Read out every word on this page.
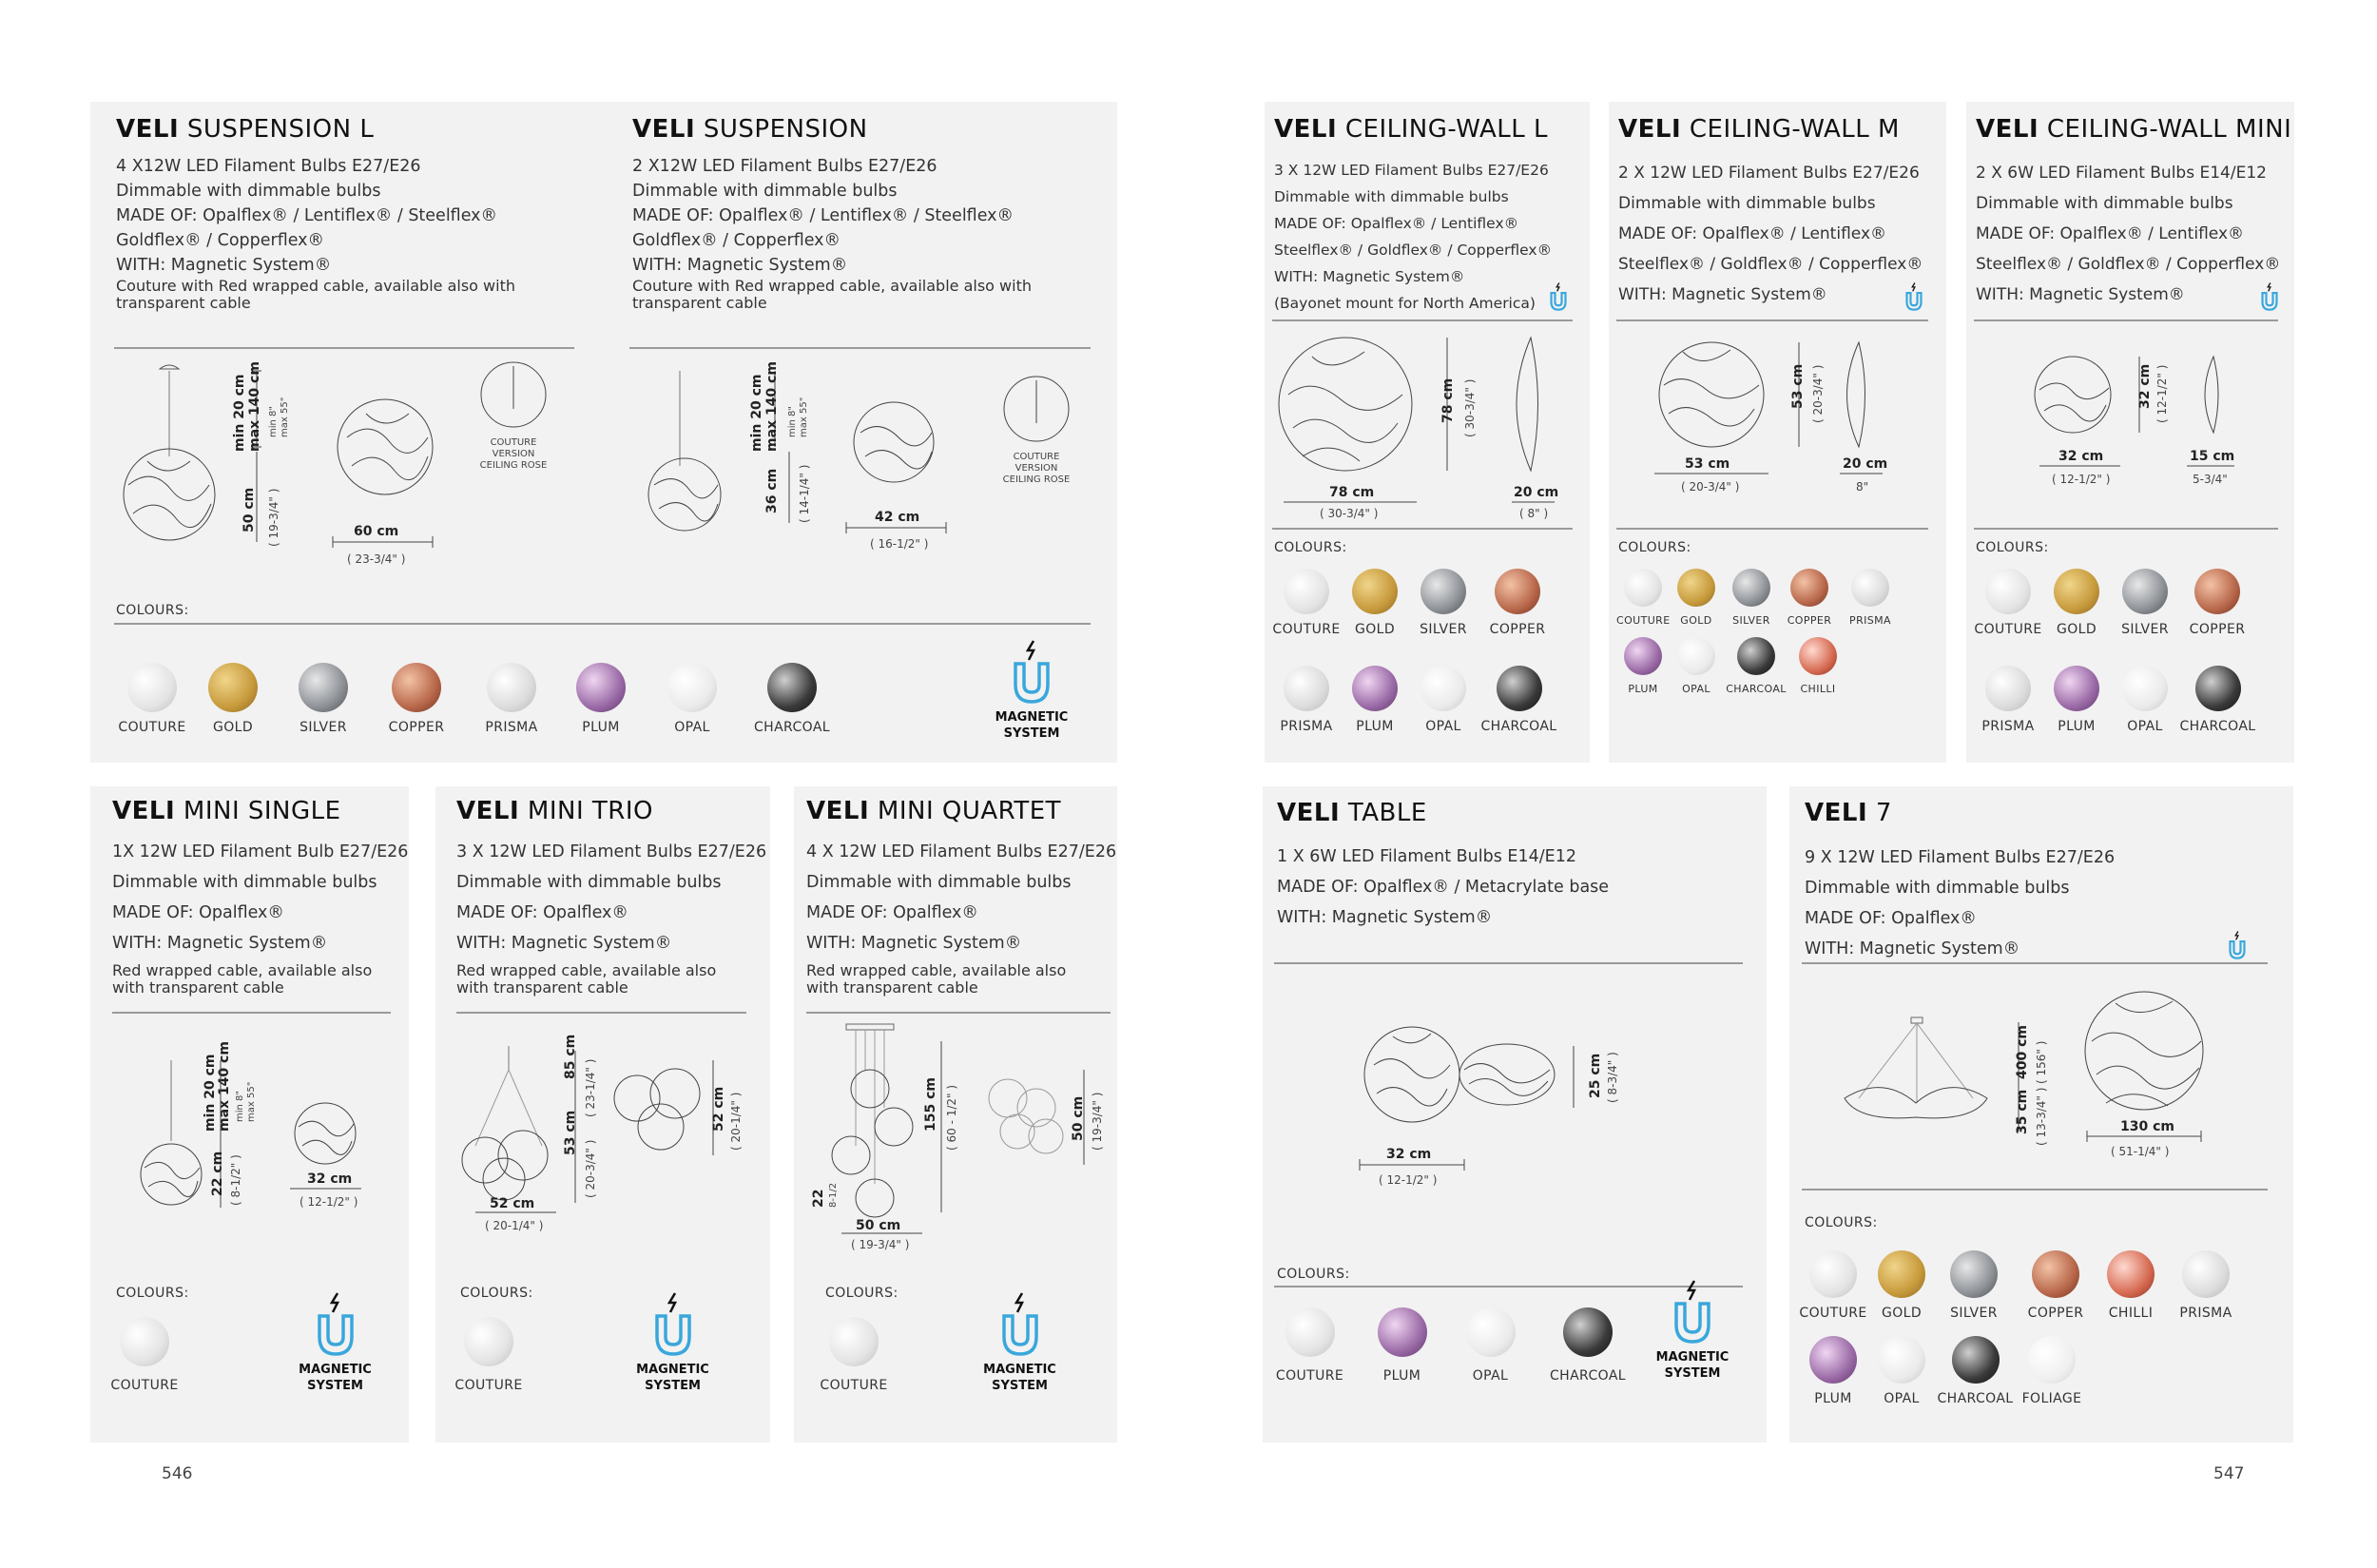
VELI SUSPENSION L
4 X12W LED Filament Bulbs E27/E26
Dimmable with dimmable bulbs
MADE OF: Opalflex® / Lentiflex® / Steelflex®
Goldflex® / Copperflex®
WITH: Magnetic System®
Couture with Red wrapped cable, available also with transparent cable
min 20 cm max 140 cm min 8" max 55"
50 cm ( 19-3/4" )	60 cm
( 23-3/4" )
COUTURE
VERSION
CEILING ROSE
VELI SUSPENSION
2 X12W LED Filament Bulbs E27/E26
Dimmable with dimmable bulbs
MADE OF: Opalflex® / Lentiflex® / Steelflex®
Goldflex® / Copperflex®
WITH: Magnetic System®
Couture with Red wrapped cable, available also with transparent cable
min 20 cm max 140 cm min 8" max 55"
36 cm ( 14-1/4" )	42 cm
( 16-1/2" )
COUTURE
VERSION
CEILING ROSE
COLOURS:
COUTURE	GOLD	SILVER	COPPER	PRISMA	PLUM	OPAL	CHARCOAL
MAGNETIC
SYSTEM
VELI MINI SINGLE
1X 12W LED Filament Bulb E27/E26
Dimmable with dimmable bulbs
MADE OF: Opalflex®
WITH: Magnetic System®
Red wrapped cable, available also with transparent cable
min 20 cm max 140 cm min 8" max 55"
22 cm ( 8-1/2" )	32 cm
( 12-1/2" )
COLOURS:
COUTURE
MAGNETIC
SYSTEM
VELI MINI TRIO
3 X 12W LED Filament Bulbs E27/E26
Dimmable with dimmable bulbs
MADE OF: Opalflex®
WITH: Magnetic System®
Red wrapped cable, available also with transparent cable
85 cm
( 23-1/4" )
53 cm
( 20-3/4" )
52 cm
( 20-1/4" )
52 cm ( 20-1/4" )
COLOURS:
COUTURE
MAGNETIC
SYSTEM
VELI MINI QUARTET
4 X 12W LED Filament Bulbs E27/E26
Dimmable with dimmable bulbs
MADE OF: Opalflex®
WITH: Magnetic System®
Red wrapped cable, available also with transparent cable
155 cm ( 60 - 1/2" )
22 8-1/2
50 cm
( 19-3/4" )
50 cm ( 19-3/4" )
COLOURS:
COUTURE
MAGNETIC
SYSTEM
VELI CEILING-WALL L
3 X 12W LED Filament Bulbs E27/E26
Dimmable with dimmable bulbs
MADE OF: Opalflex® / Lentiflex®
Steelflex® / Goldflex® / Copperflex®
WITH: Magnetic System®
(Bayonet mount for North America)
78 cm ( 30-3/4" )
78 cm
( 30-3/4" )
20 cm
( 8" )
COLOURS:
COUTURE	GOLD	SILVER	COPPER
PRISMA	PLUM	OPAL	CHARCOAL
VELI CEILING-WALL M
2 X 12W LED Filament Bulbs E27/E26
Dimmable with dimmable bulbs
MADE OF: Opalflex® / Lentiflex®
Steelflex® / Goldflex® / Copperflex®
WITH: Magnetic System®
53 cm ( 20-3/4" )
53 cm
( 20-3/4" )
20 cm
8"
COLOURS:
COUTURE GOLD	SILVER	COPPER	PRISMA
PLUM	OPAL	CHARCOAL	CHILLI
VELI CEILING-WALL MINI
2 X 6W LED Filament Bulbs E14/E12
Dimmable with dimmable bulbs
MADE OF: Opalflex® / Lentiflex®
Steelflex® / Goldflex® / Copperflex®
WITH: Magnetic System®
32 cm ( 12-1/2" )
32 cm
( 12-1/2" )
15 cm
5-3/4"
COLOURS:
COUTURE	GOLD	SILVER	COPPER
PRISMA	PLUM	OPAL	CHARCOAL
VELI TABLE
1 X 6W LED Filament Bulbs E14/E12
MADE OF: Opalflex® / Metacrylate base
WITH: Magnetic System®
25 cm ( 8-3/4" )
32 cm
( 12-1/2" )
COLOURS:
COUTURE	PLUM	OPAL	CHARCOAL
MAGNETIC
SYSTEM
VELI 7
9 X 12W LED Filament Bulbs E27/E26
Dimmable with dimmable bulbs
MADE OF: Opalflex®
WITH: Magnetic System®
400 cm ( 156" )
35 cm ( 13-3/4" )	130 cm
( 51-1/4" )
COLOURS:
COUTURE	GOLD	SILVER	COPPER	CHILLI	PRISMA
PLUM	OPAL	CHARCOAL FOLIAGE
546	547
